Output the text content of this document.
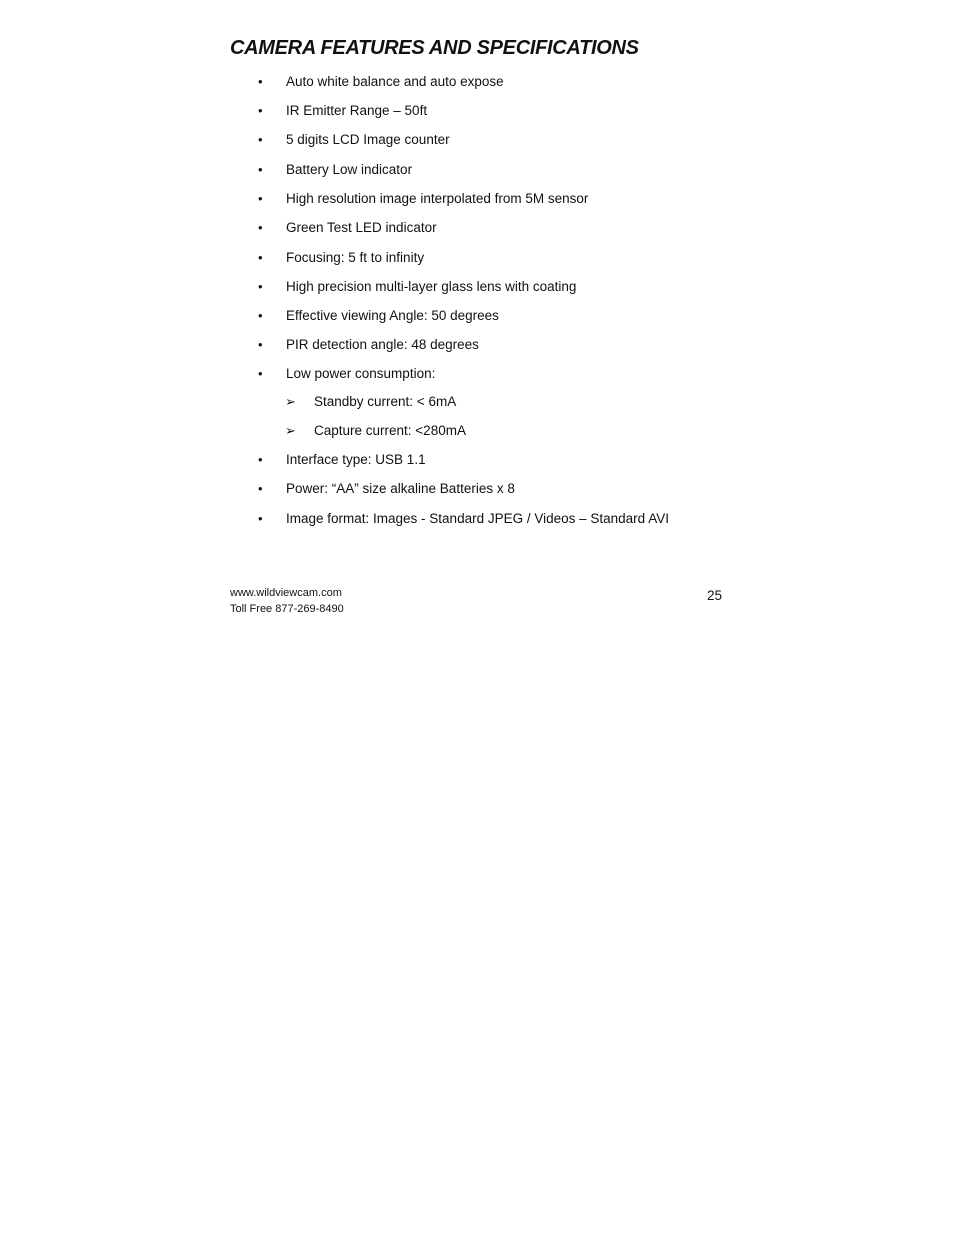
CAMERA FEATURES AND SPECIFICATIONS
• Auto white balance and auto expose
• IR Emitter Range – 50ft
• 5 digits LCD Image counter
• Battery Low indicator
• High resolution image interpolated from 5M sensor
• Green Test LED indicator
• Focusing: 5 ft to infinity
• High precision multi-layer glass lens with coating
• Effective viewing Angle: 50 degrees
• PIR detection angle: 48 degrees
• Low power consumption:
➢ Standby current: < 6mA
➢ Capture current: <280mA
• Interface type: USB 1.1
• Power: “AA” size alkaline Batteries x 8
• Image format: Images - Standard JPEG / Videos – Standard AVI
www.wildviewcam.com
Toll Free 877-269-8490
25
